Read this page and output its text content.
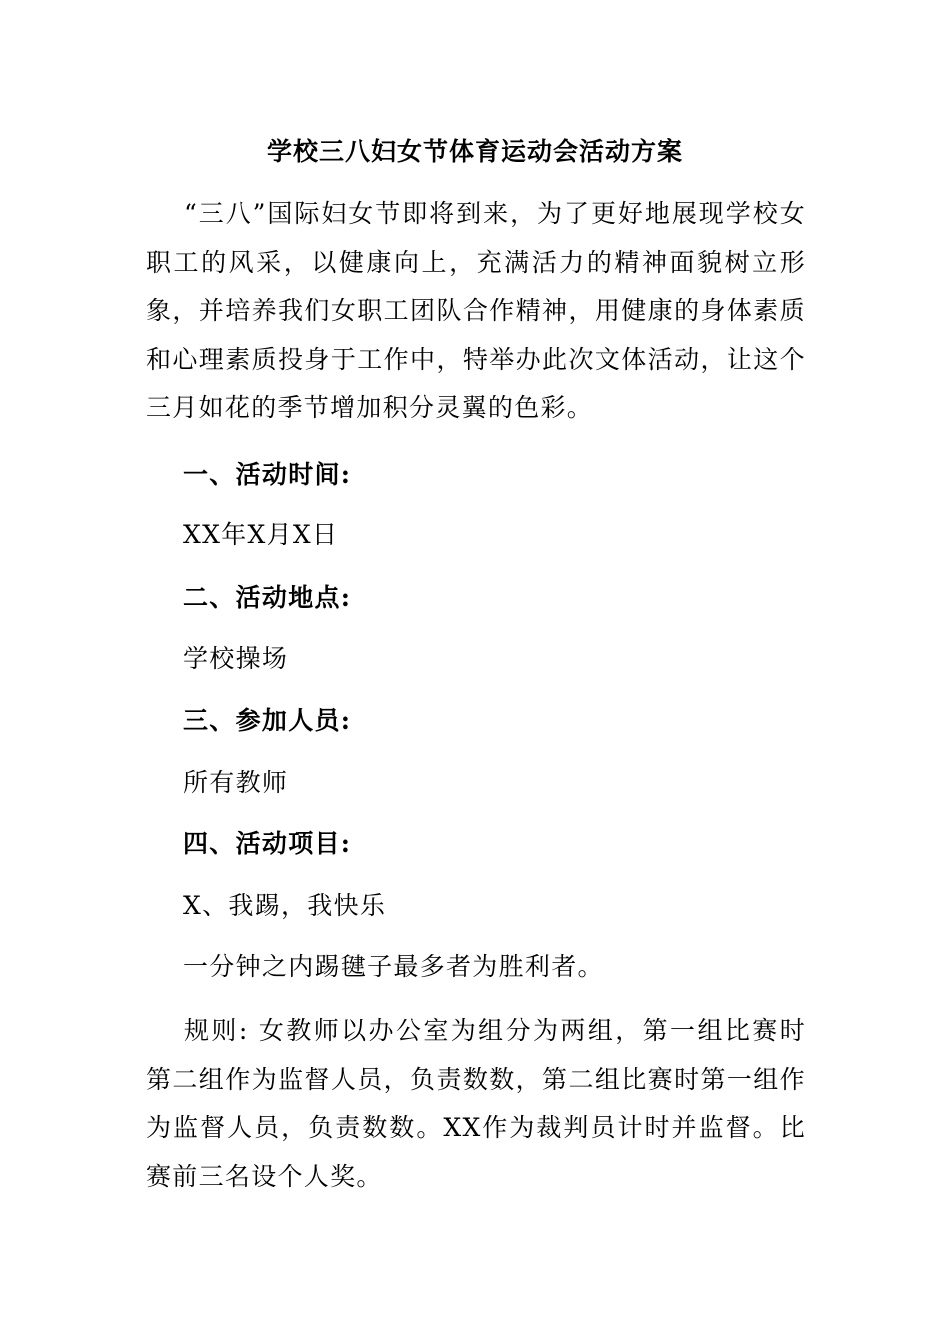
学校三八妇女节体育运动会活动方案
“三八”国际妇女节即将到来，为了更好地展现学校女职工的风采，以健康向上，充满活力的精神面貌树立形象，并培养我们女职工团队合作精神，用健康的身体素质和心理素质投身于工作中，特举办此次文体活动，让这个三月如花的季节增加积分灵翼的色彩。
一、活动时间:
XX年X月X日
二、活动地点:
学校操场
三、参加人员:
所有教师
四、活动项目:
X、我踢，我快乐
一分钟之内踢毽子最多者为胜利者。
规则: 女教师以办公室为组分为两组，第一组比赛时第二组作为监督人员，负责数数，第二组比赛时第一组作为监督人员，负责数数。XX作为裁判员计时并监督。比赛前三名设个人奖。
